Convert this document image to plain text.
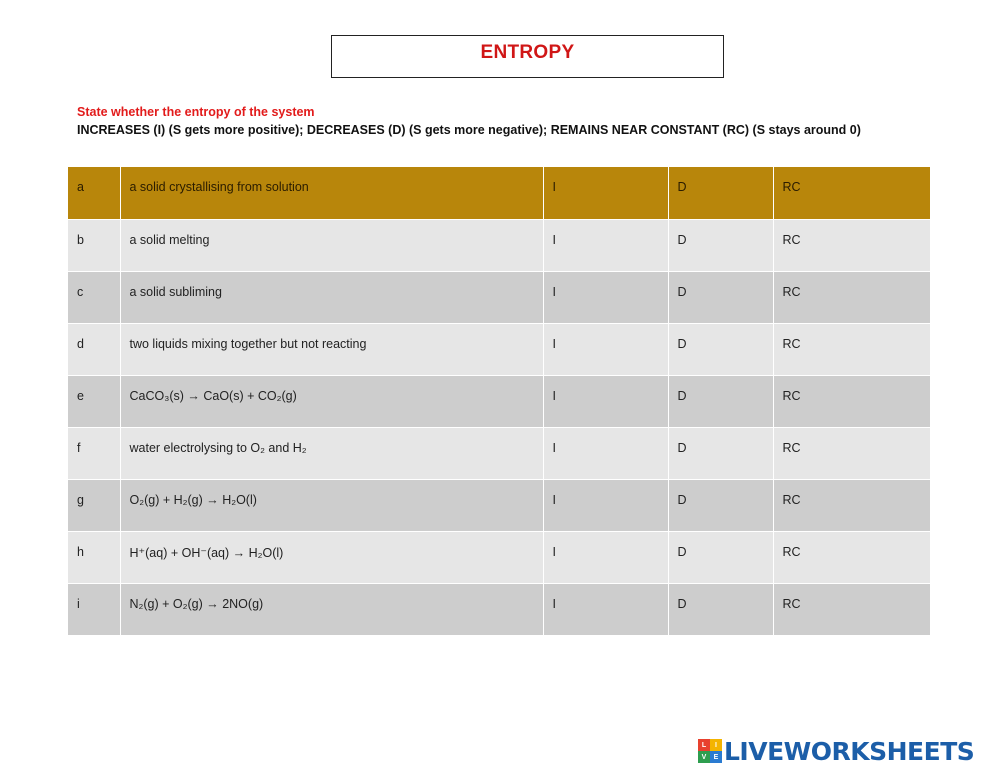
ENTROPY
State whether the entropy of the system
INCREASES (I) (S gets more positive); DECREASES (D) (S gets more negative); REMAINS NEAR CONSTANT (RC) (S stays around 0)
a	a solid crystallising from solution	I	D	RC
b	a solid melting	I	D	RC
c	a solid subliming	I	D	RC
d	two liquids mixing together but not reacting	I	D	RC
e	CaCO₃(s) → CaO(s) + CO₂(g)	I	D	RC
f	water electrolysing to O₂ and H₂	I	D	RC
g	O₂(g) + H₂(g) → H₂O(l)	I	D	RC
h	H⁺(aq) + OH⁻(aq) → H₂O(l)	I	D	RC
i	N₂(g) + O₂(g) → 2NO(g)	I	D	RC
L	I
V	E LIVEWORKSHEETS
